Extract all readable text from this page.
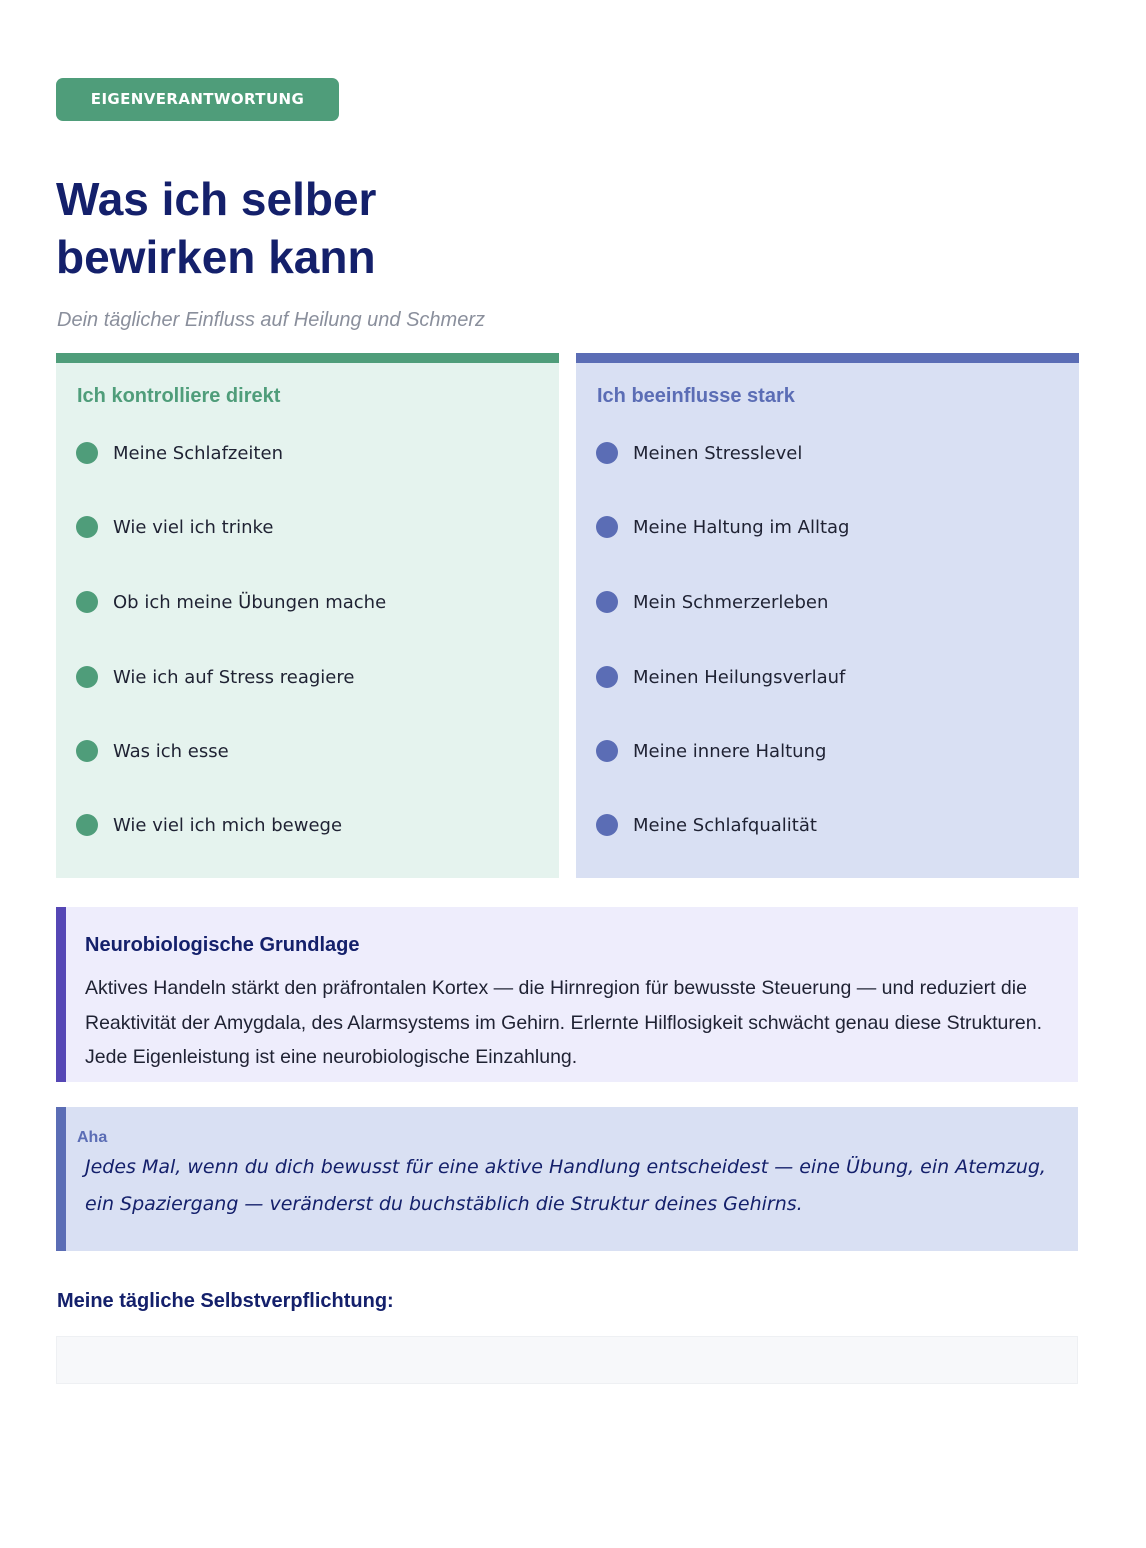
EIGENVERANTWORTUNG
Was ich selber
bewirken kann
Dein täglicher Einfluss auf Heilung und Schmerz
Ich kontrolliere direkt
Meine Schlafzeiten
Wie viel ich trinke
Ob ich meine Übungen mache
Wie ich auf Stress reagiere
Was ich esse
Wie viel ich mich bewege
Ich beeinflusse stark
Meinen Stresslevel
Meine Haltung im Alltag
Mein Schmerzerleben
Meinen Heilungsverlauf
Meine innere Haltung
Meine Schlafqualität
Neurobiologische Grundlage
Aktives Handeln stärkt den präfrontalen Kortex — die Hirnregion für bewusste Steuerung — und reduziert die Reaktivität der Amygdala, des Alarmsystems im Gehirn. Erlernte Hilflosigkeit schwächt genau diese Strukturen. Jede Eigenleistung ist eine neurobiologische Einzahlung.
Aha
Jedes Mal, wenn du dich bewusst für eine aktive Handlung entscheidest — eine Übung, ein Atemzug, ein Spaziergang — veränderst du buchstäblich die Struktur deines Gehirns.
Meine tägliche Selbstverpflichtung:
